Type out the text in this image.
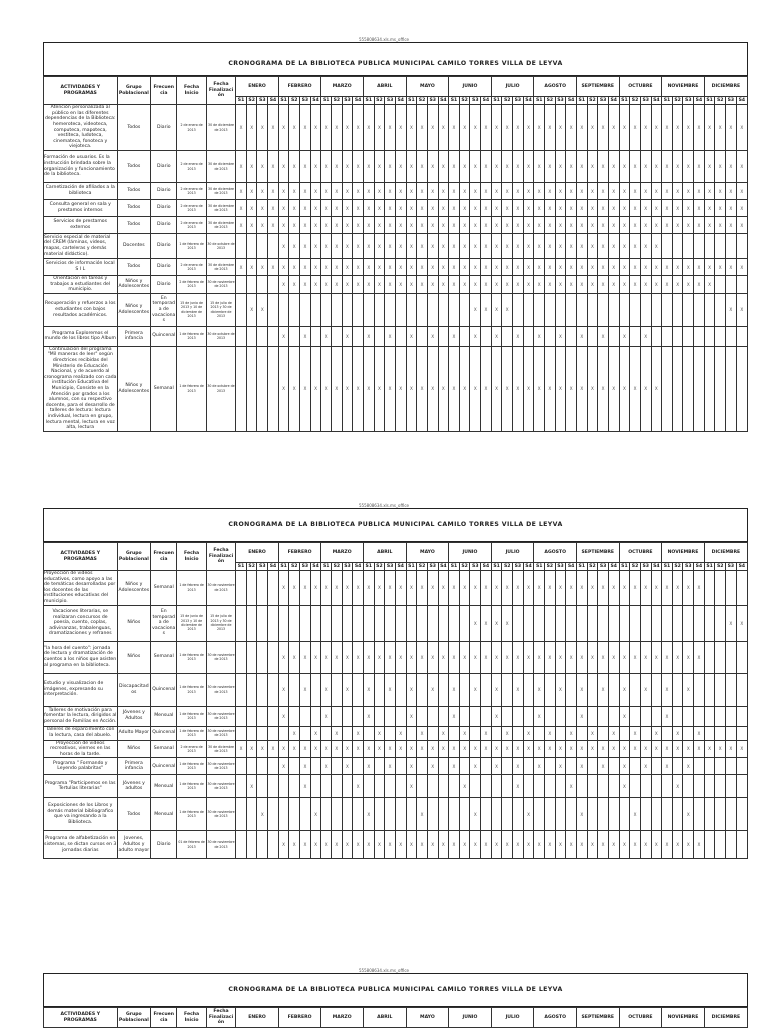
555808634.xls.ms_office
CRONOGRAMA DE LA BIBLIOTECA PUBLICA MUNICIPAL CAMILO TORRES VILLA DE LEYVA
ACTIVIDADES Y PROGRAMAS	Grupo Poblacional	Frecuen cia	Fecha Inicio	Fecha Finalizaci ón	ENERO				FEBRERO				MARZO				ABRIL				MAYO				JUNIO				JULIO				AGOSTO				SEPTIEMBRE				OCTUBRE				NOVIEMBRE				DICIEMBRE			
					S1	S2	S3	S4	S1	S2	S3	S4	S1	S2	S3	S4	S1	S2	S3	S4	S1	S2	S3	S4	S1	S2	S3	S4	S1	S2	S3	S4	S1	S2	S3	S4	S1	S2	S3	S4	S1	S2	S3	S4	S1	S2	S3	S4	S1	S2	S3	S4
Atención personalizada al público en las diferentes dependencias de la Biblioteca: hemeroteca, videoteca, computeca, mapoteca, vestiteca, ludoteca, cinemateca, fonoteca y viejoteca.	Todos	Diario	2 de enero de 2013	30 de diciembre de 2013	X	X	X	X	X	X	X	X	X	X	X	X	X	X	X	X	X	X	X	X	X	X	X	X	X	X	X	X	X	X	X	X	X	X	X	X	X	X	X	X	X	X	X	X	X	X	X	X
Formación de usuarios. Es la instrucción brindada sobre la organización y funcionamiento de la biblioteca.	Todos	Diario	2 de enero de 2013	30 de diciembre de 2013	X	X	X	X	X	X	X	X	X	X	X	X	X	X	X	X	X	X	X	X	X	X	X	X	X	X	X	X	X	X	X	X	X	X	X	X	X	X	X	X	X	X	X	X	X	X	X	X
Carnetización de afiliados a la biblioteca	Todos	Diario	2 de enero de 2013	30 de diciembre de 2013	X	X	X	X	X	X	X	X	X	X	X	X	X	X	X	X	X	X	X	X	X	X	X	X	X	X	X	X	X	X	X	X	X	X	X	X	X	X	X	X	X	X	X	X	X	X	X	X
Consulta general en sala y prestamos internos	Todos	Diario	2 de enero de 2013	30 de diciembre de 2013	X	X	X	X	X	X	X	X	X	X	X	X	X	X	X	X	X	X	X	X	X	X	X	X	X	X	X	X	X	X	X	X	X	X	X	X	X	X	X	X	X	X	X	X	X	X	X	X
Servicios de prestamos externos	Todos	Diario	2 de enero de 2013	30 de diciembre de 2013	X	X	X	X	X	X	X	X	X	X	X	X	X	X	X	X	X	X	X	X	X	X	X	X	X	X	X	X	X	X	X	X	X	X	X	X	X	X	X	X	X	X	X	X	X	X	X	X
Servicio especial de material del CREM (láminas, videos, mapas, carteleras y demás material didáctico).	Docentes	Diario	1 de febrero de 2013	30 de octubre de 2013					X	X	X	X	X	X	X	X	X	X	X	X	X	X	X	X	X	X	X	X	X	X	X	X	X	X	X	X	X	X	X	X	X	X	X	X								
Servicios de información local S I L	Todos	Diario	2 de enero de 2013	30 de diciembre de 2013	X	X	X	X	X	X	X	X	X	X	X	X	X	X	X	X	X	X	X	X	X	X	X	X	X	X	X	X	X	X	X	X	X	X	X	X	X	X	X	X	X	X	X	X	X	X	X	X
Orientación en tareas y trabajos a estudiantes del municipio.	Niños y Adolescentes	Diario	2 de febrero de 2013	30 de noviembre de 2013					X	X	X	X	X	X	X	X	X	X	X	X	X	X	X	X	X	X	X	X	X	X	X	X	X	X	X	X	X	X	X	X	X	X	X	X	X	X	X	X	X			
Recuperación y refuerzos a los estudiantes con bajos resultados académicos.	Niños y Adolescentes	En temporad a de vacaciona s	15 de junio de 2013 y 10 de diciembre de 2013	15 de julio de 2013 y 30 de diciembre de 2013		X	X																				X	X	X	X																					X	X
Programa Exploremos el mundo de los libros tipo Album	Primera infancia	Quincenal	1 de febrero de 2013	30 de octubre de 2013					X		X		X		X		X		X		X		X		X		X		X		X		X		X		X		X		X		X									
Continuación del programa "Mil maneras de leer" según directrices recibidas del Ministerio de Educación Nacional, y de acuerdo al cronograma realizado con cada institución Educativa del Municipio, Consiste en la Atención por grados a los alumnos, con su respectivo docente, para el desarrollo de talleres de lectura: lectura individual, lectura en grupo, lectura mental, lectura en voz alta, lectura	Niños y Adolescentes	Semanal	1 de febrero de 2013	30 de octubre de 2013					X	X	X	X	X	X	X	X	X	X	X	X	X	X	X	X	X	X	X	X	X	X	X	X	X	X	X	X	X	X	X	X	X	X	X	X								
555808634.xls.ms_office
CRONOGRAMA DE LA BIBLIOTECA PUBLICA MUNICIPAL CAMILO TORRES VILLA DE LEYVA
ACTIVIDADES Y PROGRAMAS	Grupo Poblacional	Frecuen cia	Fecha Inicio	Fecha Finalizaci ón	ENERO				FEBRERO				MARZO				ABRIL				MAYO				JUNIO				JULIO				AGOSTO				SEPTIEMBRE				OCTUBRE				NOVIEMBRE				DICIEMBRE			
					S1	S2	S3	S4	S1	S2	S3	S4	S1	S2	S3	S4	S1	S2	S3	S4	S1	S2	S3	S4	S1	S2	S3	S4	S1	S2	S3	S4	S1	S2	S3	S4	S1	S2	S3	S4	S1	S2	S3	S4	S1	S2	S3	S4	S1	S2	S3	S4
Proyección de videos educativos, como apoyo a las de temáticas desarrolladas por los docentes de las instituciones educativas del municipio.	Niños y Adolescentes	Semanal	1 de febrero de 2013	30 de noviembre de 2013					X	X	X	X	X	X	X	X	X	X	X	X	X	X	X	X	X	X	X	X	X	X	X	X	X	X	X	X	X	X	X	X	X	X	X	X	X	X	X	X				
Vacaciones literarias, se realizaran concursos de poesía, cuento, coplas, adivinanzas, trabalenguas, dramatizaciones y refranes	Niños	En temporad a de vacaciona s	15 de junio de 2013 y 10 de diciembre de 2013	15 de julio de 2013 y 30 de diciembre de 2013																							X	X	X	X																					X	X
"la hora del cuento": jornada de lectura y dramatización de cuentos a los niños que asisten al programa en la biblioteca.	Niños	Semanal	1 de febrero de 2013	30 de noviembre de 2013					X	X	X	X	X	X	X	X	X	X	X	X	X	X	X	X	X	X	X	X	X	X	X	X	X	X	X	X	X	X	X	X	X	X	X	X	X	X	X	X				
Estudio y visualizacion de imágenes, expresando su interpretación.	Discapacitad os	Quincenal	1 de febrero de 2013	30 de noviembre de 2013					X		X		X		X		X		X		X		X		X		X		X		X		X		X		X		X		X		X		X		X					
Talleres de motivación para fomentar la lectura, dirigidos al personal de Familias en Acción.	Jóvenes y Adultos	Mensual	1 de febrero de 2013	30 de noviembre de 2013					X				X				X				X				X				X				X				X				X				X							
Talleres de esparcimiento con la lectura, casa del abuelo.	Adulto Mayor	Quincenal	1 de febrero de 2013	30 de noviembre de 2013						X		X		X		X		X		X		X		X		X		X		X		X		X		X		X		X		X		X		X		X				
Proyección de videos recreativos, viernes en las horas de la tarde.	Niños	Semanal	2 de enero de 2013	30 de diciembre de 2013	X	X	X	X	X	X	X	X	X	X	X	X	X	X	X	X	X	X	X	X	X	X	X	X	X	X	X	X	X	X	X	X	X	X	X	X	X	X	X	X	X	X	X	X	X	X	X	X
Programa " Formando y Leyendo palabritas"	Primera infancia	Quincenal	1 de febrero de 2013	30 de noviembre de 2013					X		X		X		X		X		X		X		X		X		X		X		X		X		X		X		X		X		X		X		X					
Programa "Participemos en las Tertulias literarias"	Jóvenes y adultos	Mensual	1 de febrero de 2013	30 de noviembre de 2013		X					X					X					X					X					X					X					X					X						
Exposiciones de los Libros y demás material bibliografico que va ingresando a la Biblioteca.	Todos	Mensual	1 de febrero de 2013	30 de noviembre de 2013			X					X					X					X					X					X					X					X					X					
Programa de alfabetización en sistemas, se dictan cursos en 3 jornadas diarias	Jovenes, Adultos y adulto mayor	Diario	01 de febrero de 2013	30 de noviembre de 2013					X	X	X	X	X	X	X	X	X	X	X	X	X	X	X	X	X	X	X	X	X	X	X	X	X	X	X	X	X	X	X	X	X	X	X	X	X	X	X	X				
555808634.xls.ms_office
CRONOGRAMA DE LA BIBLIOTECA PUBLICA MUNICIPAL CAMILO TORRES VILLA DE LEYVA
ACTIVIDADES Y PROGRAMAS	Grupo Poblacional	Frecuen cia	Fecha Inicio	Fecha Finalizaci ón	ENERO	FEBRERO	MARZO	ABRIL	MAYO	JUNIO	JULIO	AGOSTO	SEPTIEMBRE	OCTUBRE	NOVIEMBRE	DICIEMBRE
